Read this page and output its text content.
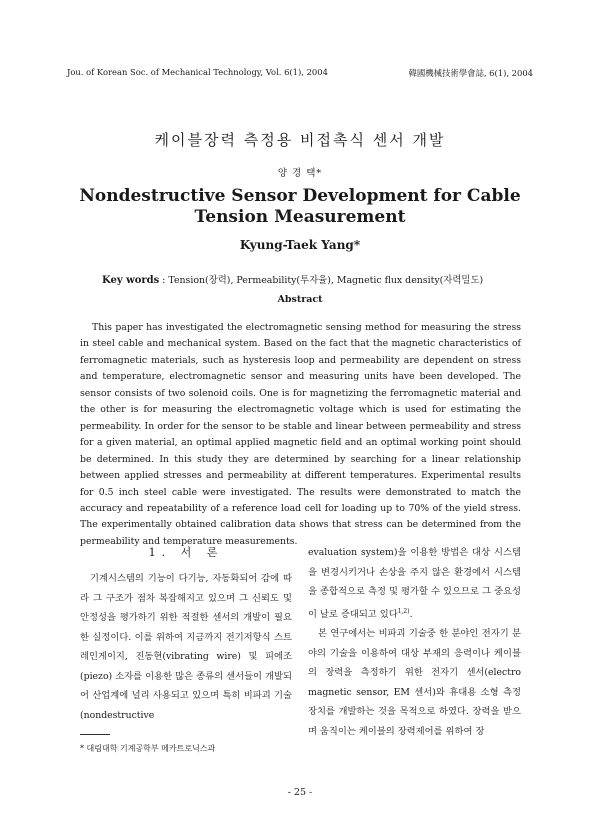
Jou. of Korean Soc. of Mechanical Technology, Vol. 6(1), 2004	韓國機械技術學會誌, 6(1), 2004
케이블장력 측정용 비접촉식 센서 개발
양 경 택*
Nondestructive Sensor Development for Cable
Tension Measurement
Kyung-Taek Yang*
Key words : Tension(장력), Permeability(투자율), Magnetic flux density(자력밀도)
Abstract

This paper has investigated the electromagnetic sensing method for measuring the stress in steel cable and mechanical system. Based on the fact that the magnetic characteristics of ferromagnetic materials, such as hysteresis loop and permeability are dependent on stress and temperature, electromagnetic sensor and measuring units have been developed. The sensor consists of two solenoid coils. One is for magnetizing the ferromagnetic material and the other is for measuring the electromagnetic voltage which is used for estimating the permeability. In order for the sensor to be stable and linear between permeability and stress for a given material, an optimal applied magnetic field and an optimal working point should be determined. In this study they are determined by searching for a linear relationship between applied stresses and permeability at different temperatures. Experimental results for 0.5 inch steel cable were investigated. The results were demonstrated to match the accuracy and repeatability of a reference load cell for loading up to 70% of the yield stress. The experimentally obtained calibration data shows that stress can be determined from the permeability and temperature measurements.

1. 서 론

기계시스템의 기능이 다기능, 자동화되어 감에 따라 그 구조가 점차 복잡해지고 있으며 그 신뢰도 및 안정성을 평가하기 위한 적절한 센서의 개발이 필요한 실정이다. 이를 위하여 지금까지 전기저항식 스트레인게이지, 진동현(vibrating wire) 및 피에조(piezo) 소자를 이용한 많은 종류의 센서들이 개발되어 산업계에 널리 사용되고 있으며 특히 비파괴 기술(nondestructive

evaluation system)을 이용한 방법은 대상 시스템을 변경시키거나 손상을 주지 않은 환경에서 시스템을 종합적으로 측정 및 평가할 수 있으므로 그 중요성이 날로 증대되고 있다$^{1,2)}$.

본 연구에서는 비파괴 기술중 한 분야인 전자기 분야의 기술을 이용하여 대상 부재의 응력이나 케이블의 장력을 측정하기 위한 전자기 센서(electro magnetic sensor, EM 센서)와 휴대용 소형 측정장치를 개발하는 것을 목적으로 하였다. 장력을 받으며 움직이는 케이블의 장력제어를 위하여 장

* 대림대학 기계공학부 메카트로닉스과
- 25 -
